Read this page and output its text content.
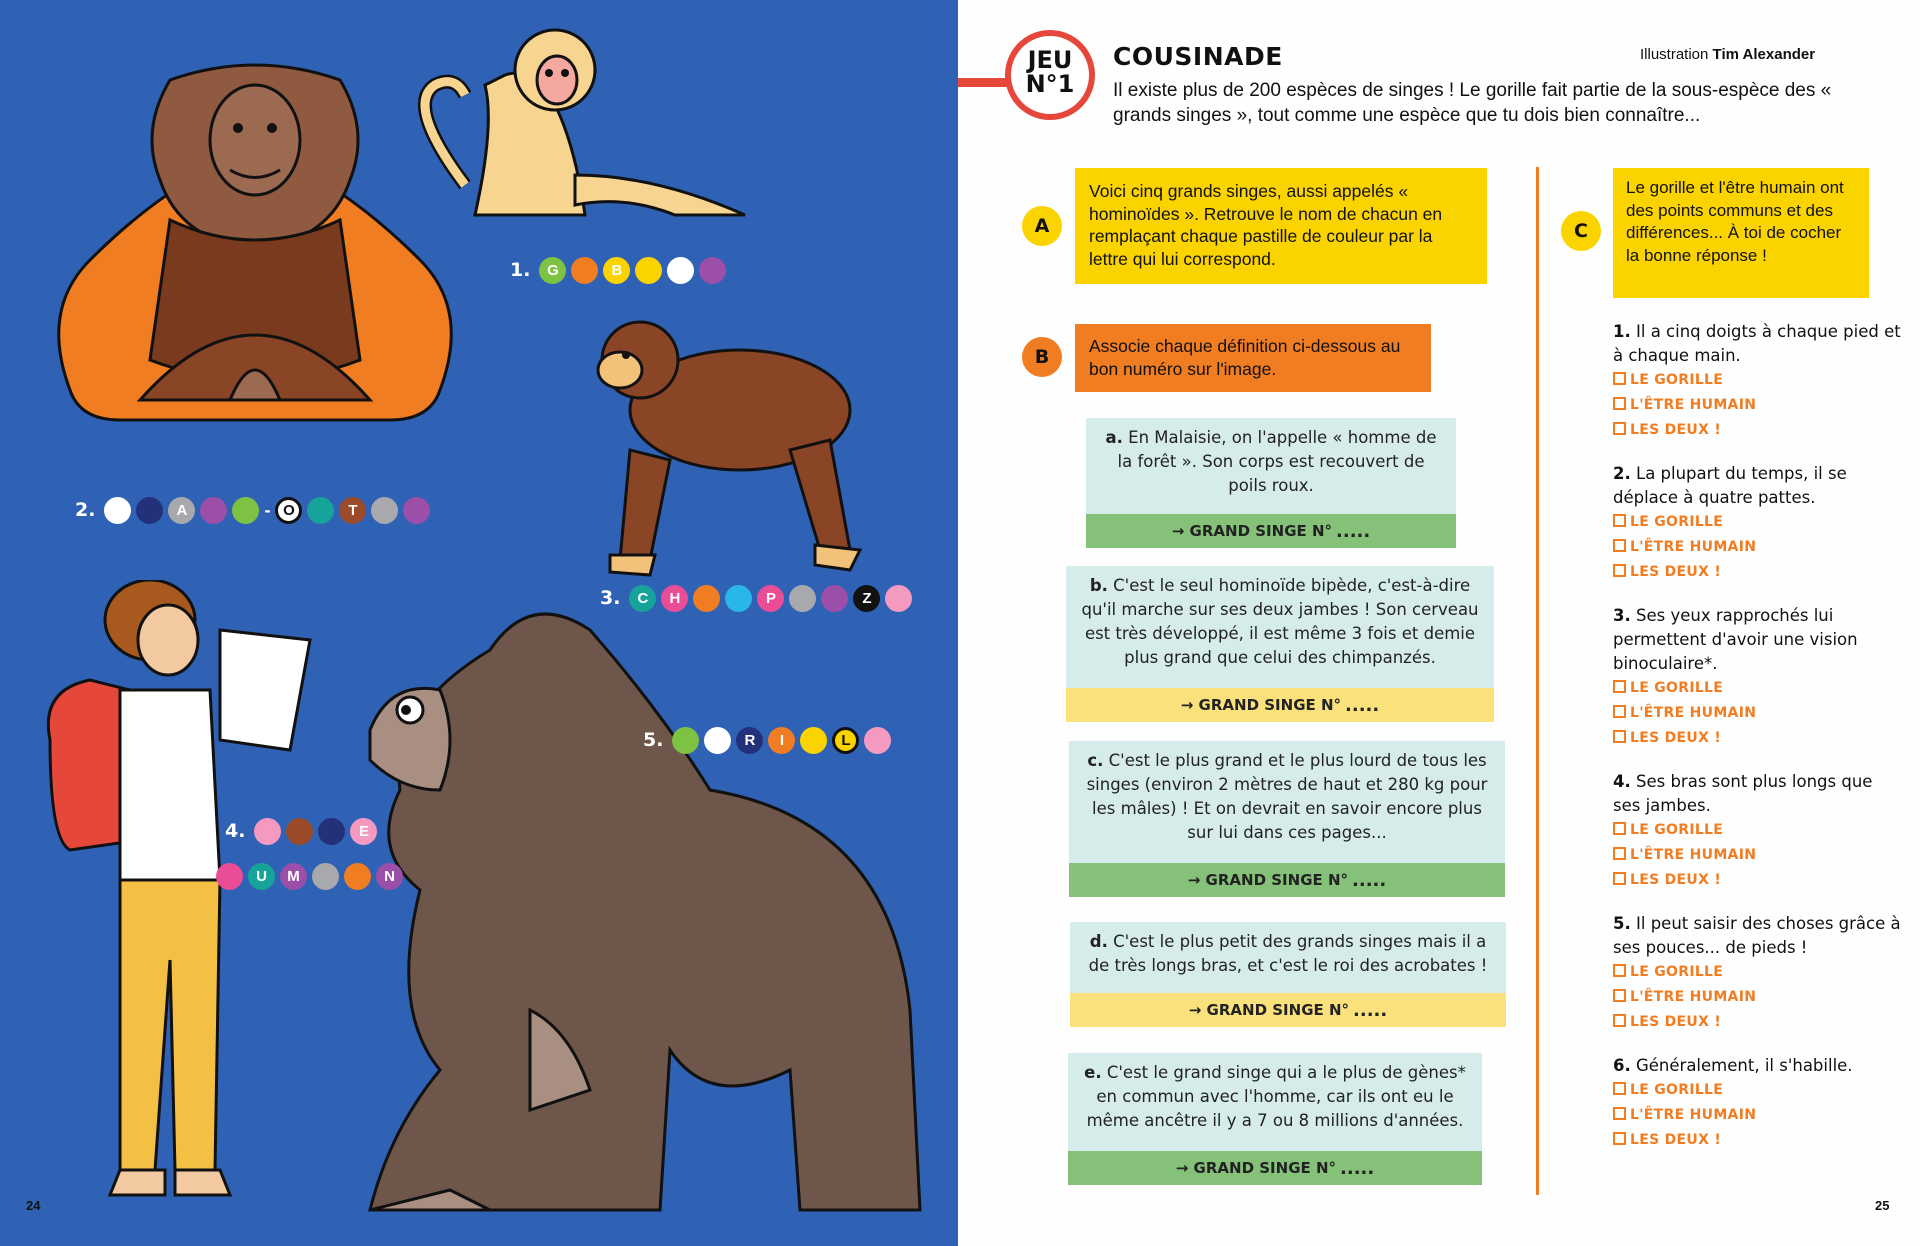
1.	G	B
2.	A	- O	T
3.	C	H	P	Z
4.	E
U	M	N
5.	R	I	L
24
JEU
N°1
COUSINADE	Illustration Tim Alexander
Il existe plus de 200 espèces de singes ! Le gorille fait partie de la sous-espèce des « grands singes », tout comme une espèce que tu dois bien connaître...
A
Voici cinq grands singes, aussi appelés « hominoïdes ». Retrouve le nom de chacun en remplaçant chaque pastille de couleur par la lettre qui lui correspond.
B	Associe chaque définition ci-dessous au bon numéro sur l'image.
a. En Malaisie, on l'appelle « homme de la forêt ». Son corps est recouvert de poils roux.
→ GRAND SINGE N° .....
b. C'est le seul hominoïde bipède, c'est-à-dire qu'il marche sur ses deux jambes ! Son cerveau est très développé, il est même 3 fois et demie plus grand que celui des chimpanzés.
→ GRAND SINGE N° .....
c. C'est le plus grand et le plus lourd de tous les singes (environ 2 mètres de haut et 280 kg pour les mâles) ! Et on devrait en savoir encore plus sur lui dans ces pages...
→ GRAND SINGE N° .....
d. C'est le plus petit des grands singes mais il a de très longs bras, et c'est le roi des acrobates !
→ GRAND SINGE N° .....
e. C'est le grand singe qui a le plus de gènes* en commun avec l'homme, car ils ont eu le même ancêtre il y a 7 ou 8 millions d'années.
→ GRAND SINGE N° .....
C
Le gorille et l'être humain ont des points communs et des différences... À toi de cocher la bonne réponse !
1. Il a cinq doigts à chaque pied et à chaque main.
LE GORILLE
L'ÊTRE HUMAIN
LES DEUX !
2. La plupart du temps, il se déplace à quatre pattes.
LE GORILLE
L'ÊTRE HUMAIN
LES DEUX !
3. Ses yeux rapprochés lui permettent d'avoir une vision binoculaire*.
LE GORILLE
L'ÊTRE HUMAIN
LES DEUX !
4. Ses bras sont plus longs que ses jambes.
LE GORILLE
L'ÊTRE HUMAIN
LES DEUX !
5. Il peut saisir des choses grâce à ses pouces... de pieds !
LE GORILLE
L'ÊTRE HUMAIN
LES DEUX !
6. Généralement, il s'habille.
LE GORILLE
L'ÊTRE HUMAIN
LES DEUX !
25
